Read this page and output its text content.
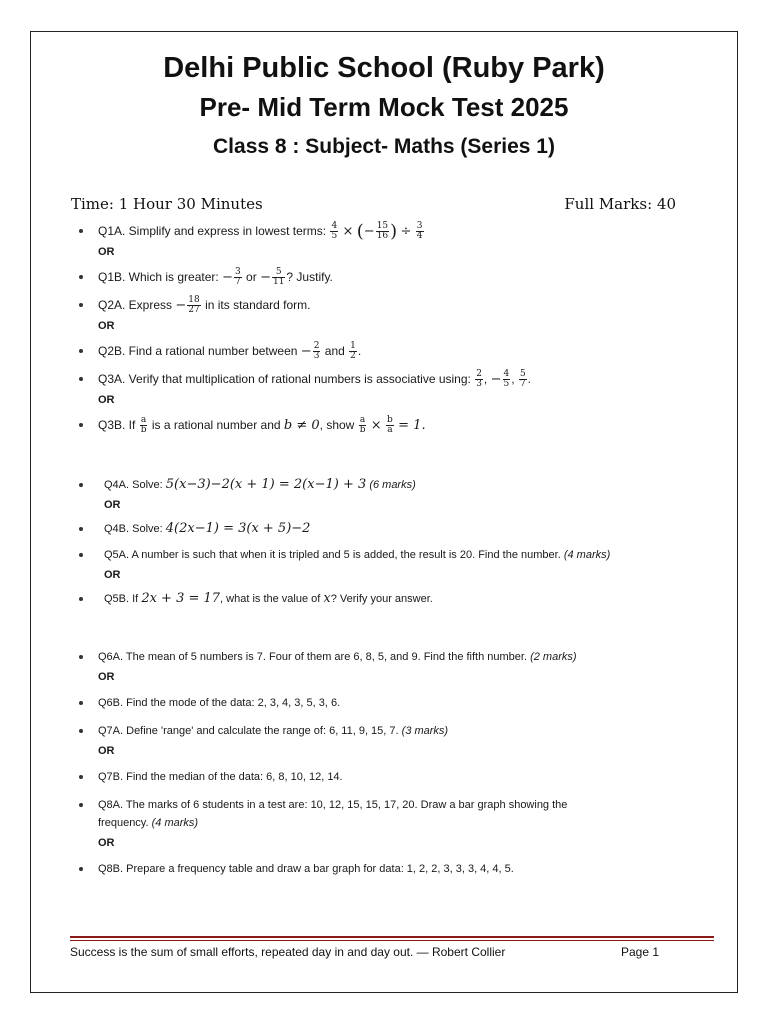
Delhi Public School (Ruby Park)
Pre- Mid Term Mock Test 2025
Class 8 : Subject- Maths (Series 1)
Time: 1 Hour 30 Minutes	Full Marks: 40
Q1A. Simplify and express in lowest terms: $\frac{4}{5}$ × (− $\frac{15}{16}$ ) ÷ $\frac{3}{4}$
OR
Q1B. Which is greater: − $\frac{3}{7}$ or − $\frac{5}{11}$ ? Justify.
Q2A. Express − $\frac{18}{27}$ in its standard form.
OR
Q2B. Find a rational number between − $\frac{2}{3}$ and $\frac{1}{2}$ .
Q3A. Verify that multiplication of rational numbers is associative using: $\frac{2}{3}$ , − $\frac{4}{5}$ , $\frac{5}{7}$ .
OR
Q3B. If $\frac{a}{b}$ is a rational number and b ≠ 0, show $\frac{a}{b} \times \frac{b}{a} = 1$.
Q4A. Solve: 5(x−3)−2(x + 1) = 2(x−1) + 3 (6 marks)
OR
Q4B. Solve: 4(2x−1) = 3(x + 5)−2
Q5A. A number is such that when it is tripled and 5 is added, the result is 20. Find the number. (4 marks)
OR
Q5B. If 2x + 3 = 17, what is the value of x? Verify your answer.
Q6A. The mean of 5 numbers is 7. Four of them are 6, 8, 5, and 9. Find the fifth number. (2 marks)
OR
Q6B. Find the mode of the data: 2, 3, 4, 3, 5, 3, 6.
Q7A. Define 'range' and calculate the range of: 6, 11, 9, 15, 7. (3 marks)
OR
Q7B. Find the median of the data: 6, 8, 10, 12, 14.
Q8A. The marks of 6 students in a test are: 10, 12, 15, 15, 17, 20. Draw a bar graph showing the
frequency. (4 marks)
OR
Q8B. Prepare a frequency table and draw a bar graph for data: 1, 2, 2, 3, 3, 3, 4, 4, 5.
Success is the sum of small efforts, repeated day in and day out. — Robert Collier	Page 1
